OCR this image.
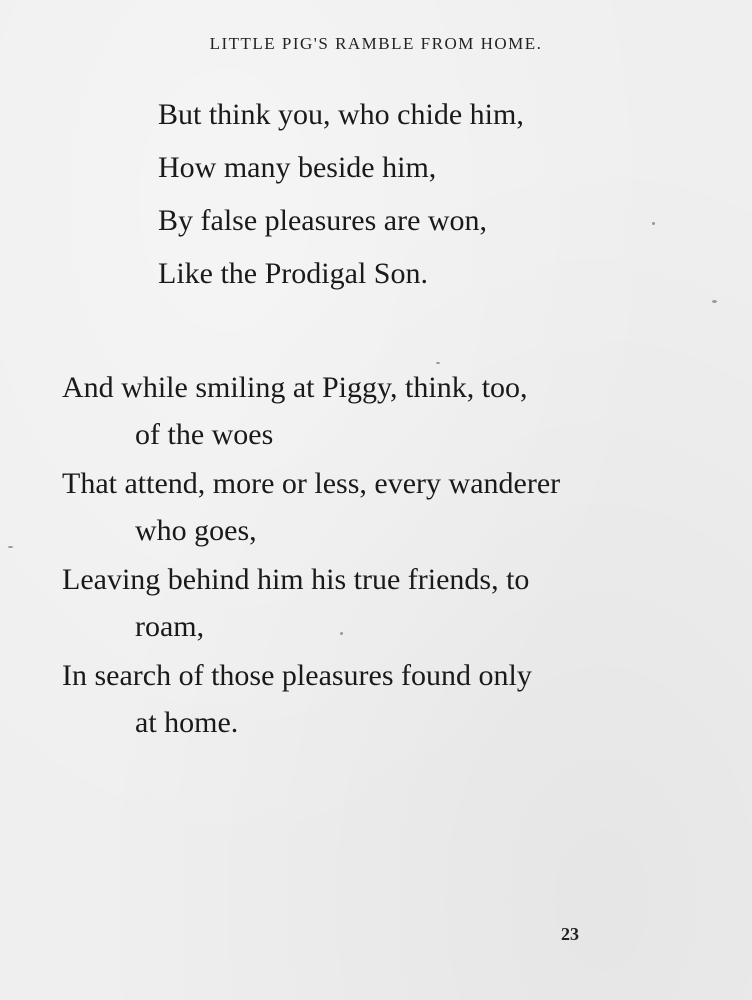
LITTLE PIG'S RAMBLE FROM HOME.
But think you, who chide him,
How many beside him,
By false pleasures are won,
Like the Prodigal Son.
And while smiling at Piggy, think, too,
of the woes
That attend, more or less, every wanderer
who goes,
Leaving behind him his true friends, to
roam,
In search of those pleasures found only
at home.
23
